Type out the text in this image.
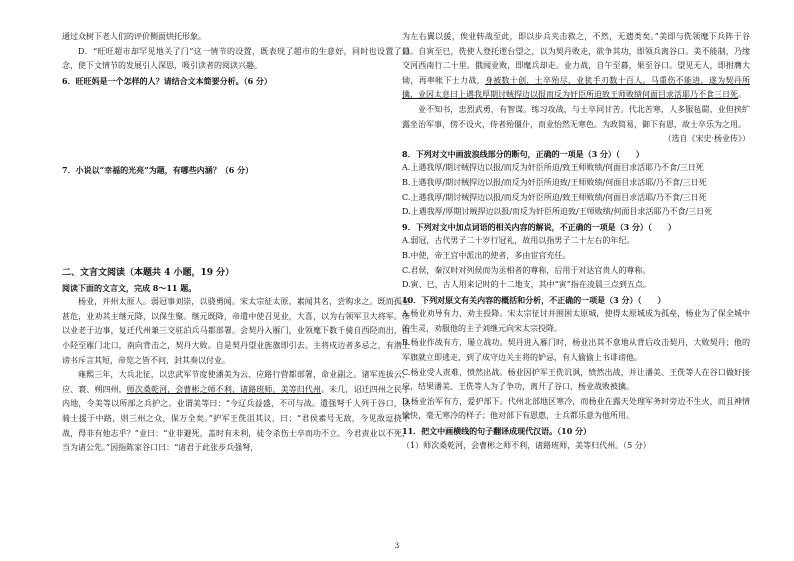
通过众树下老人们的评价侧面烘托形象。

D．“旺旺超市却罕见地关了门”这一情节的设置，既表现了超市的生意好，同时也设置了悬念，使下文情节的发展引人深思，吸引读者的阅读兴趣。

6．旺旺妈是一个怎样的人？请结合文本简要分析。（6 分）

7．小说以“幸福的光亮”为题，有哪些内涵？（6 分）

二、文言文阅读（本题共 4 小题，19 分）

阅读下面的文言文，完成 8～11 题。

杨业，并州太原人。弱冠事刘崇，以骁勇闻。宋太宗征太原，素闻其名，尝购求之。既而孤垒甚危，业劝其主继元降，以保生聚。继元既降，帝遣中使召见业，大喜，以为右领军卫大将军。帝以业老于边事，复迁代州兼三交驻泊兵马都部署。会契丹入雁门，业领麾下数千骑自西陉而出，由小陉至雁门北口，南向背击之，契丹大败。自是契丹望业旌旗即引去。主将戍边者多忌之，有潜上谤书斥言其短，帝览之皆不问，封其奏以付业。

雍熙三年，大兵北征，以忠武军节度使潘美为云、应路行营都部署，命业副之。诸军连拔云、应、寰、朔四州，师次桑乾河，会曹彬之师不利，诸路班师，美等归代州。未几，诏迁四州之民于内地，令美等以所部之兵护之。业谓美等曰：“今辽兵益盛，不可与战。遣强弩千人列于谷口，以骑士援于中路，则三州之众，保万全矣。”护军王侁沮其议，曰：“君侯素号无敌，今见敌逗挠不战，得非有他志乎？”业曰：“业非避死，盖时有未利，徒令杀伤士卒而功不立。今君责业以不死，当为诸公先。”因指陈家谷口曰：“诸君于此张步兵强弩，

为左右翼以援，俟业转战至此，即以步兵夹击救之，不然，无遗类矣。”美即与侁领麾下兵阵于谷口。自寅至巳，侁使人登托逻台望之，以为契丹败走，欲争其功，即领兵离谷口。美不能制，乃缘交河西南行二十里。俄闻业败，即麾兵却走。业力战，自午至暮，果至谷口。望见无人，即拊膺大恸，再率帐下士力战，身被数十创，士卒殆尽，业犹手刃数十百人。马重伤不能进，遂为契丹所擒，业因太息曰上遇我厚期讨贼捍边以报而反为奸臣所迫致王师败绩何面目求活耶乃不食三日死。

业不知书，忠烈武勇，有智谋。练习攻战，与士卒同甘苦。代北苦寒，人多服毡罽，业但挟纩露坐治军事，傍不设火，侍者殆僵仆，而业怡然无寒色。为政简易，御下有恩，故士卒乐为之用。

（选自《宋史·杨业传》）

8．下列对文中画波浪线部分的断句，正确的一项是（3 分）（　　）

A.上遇我厚/期讨贼捍边以报/而反为奸臣所迫/致王师败绩/何面目求活耶乃不食/三日死

B.上遇我厚/期讨贼捍边以报/而反为奸臣所迫致/王师败绩/何面目求活耶/乃不食/三日死

C.上遇我厚/期讨贼捍边以报/而反为奸臣所迫/致王师败绩/何面目求活耶/乃不食/三日死

D.上遇我厚/厚期讨贼捍边以报/而反为奸臣所迫致/王师败绩/何面目求活耶乃不食/三日死

9．下列对文中加点词语的相关内容的解说，不正确的一项是（3 分）（　　）

A.弱冠，古代男子二十岁行冠礼，故用以指男子二十左右的年纪。

B.中使，帝王宫中派出的使者，多由宦官充任。

C.君侯，秦汉时对列侯而为丞相者的尊称，后用于对达官贵人的尊称。

D.寅、巳，古人用来记时的十二地支，其中“寅”指在凌晨三点到五点。

10．下列对原文有关内容的概括和分析，不正确的一项是（3 分）（　　）

A.杨业劝导有力，劝主投降。宋太宗征讨并围困太原城，使得太原城成为孤垒，杨业为了保全城中的生灵，劝服他的主子刘继元向宋太宗投降。

B.杨业作战有方，屡立战功。契丹进入雁门时，杨业出其不意地从背后攻击契丹，大败契丹；他的军旗就立即逃走，到了成守边关主将的妒忌，有人偷偷上书诽谤他。

C.杨业受人责难，愤然出战。杨业因护军王侁讥讽，愤然出战，并让潘美、王侁等人在谷口做好接应，结果潘美、王侁等人为了争功，离开了谷口，杨业战败被擒。

D.杨业治军有方，爱护部下。代州北部地区寒冷，而杨业在露天处理军务时旁边不生火，而且神情愉快，毫无寒冷的样子；他对部下有恩惠，士兵都乐意为他所用。

11．把文中画横线的句子翻译成现代汉语。（10 分）

（1）师次桑乾河，会曹彬之师不利，诸路班师，美等归代州。（5 分）

3
